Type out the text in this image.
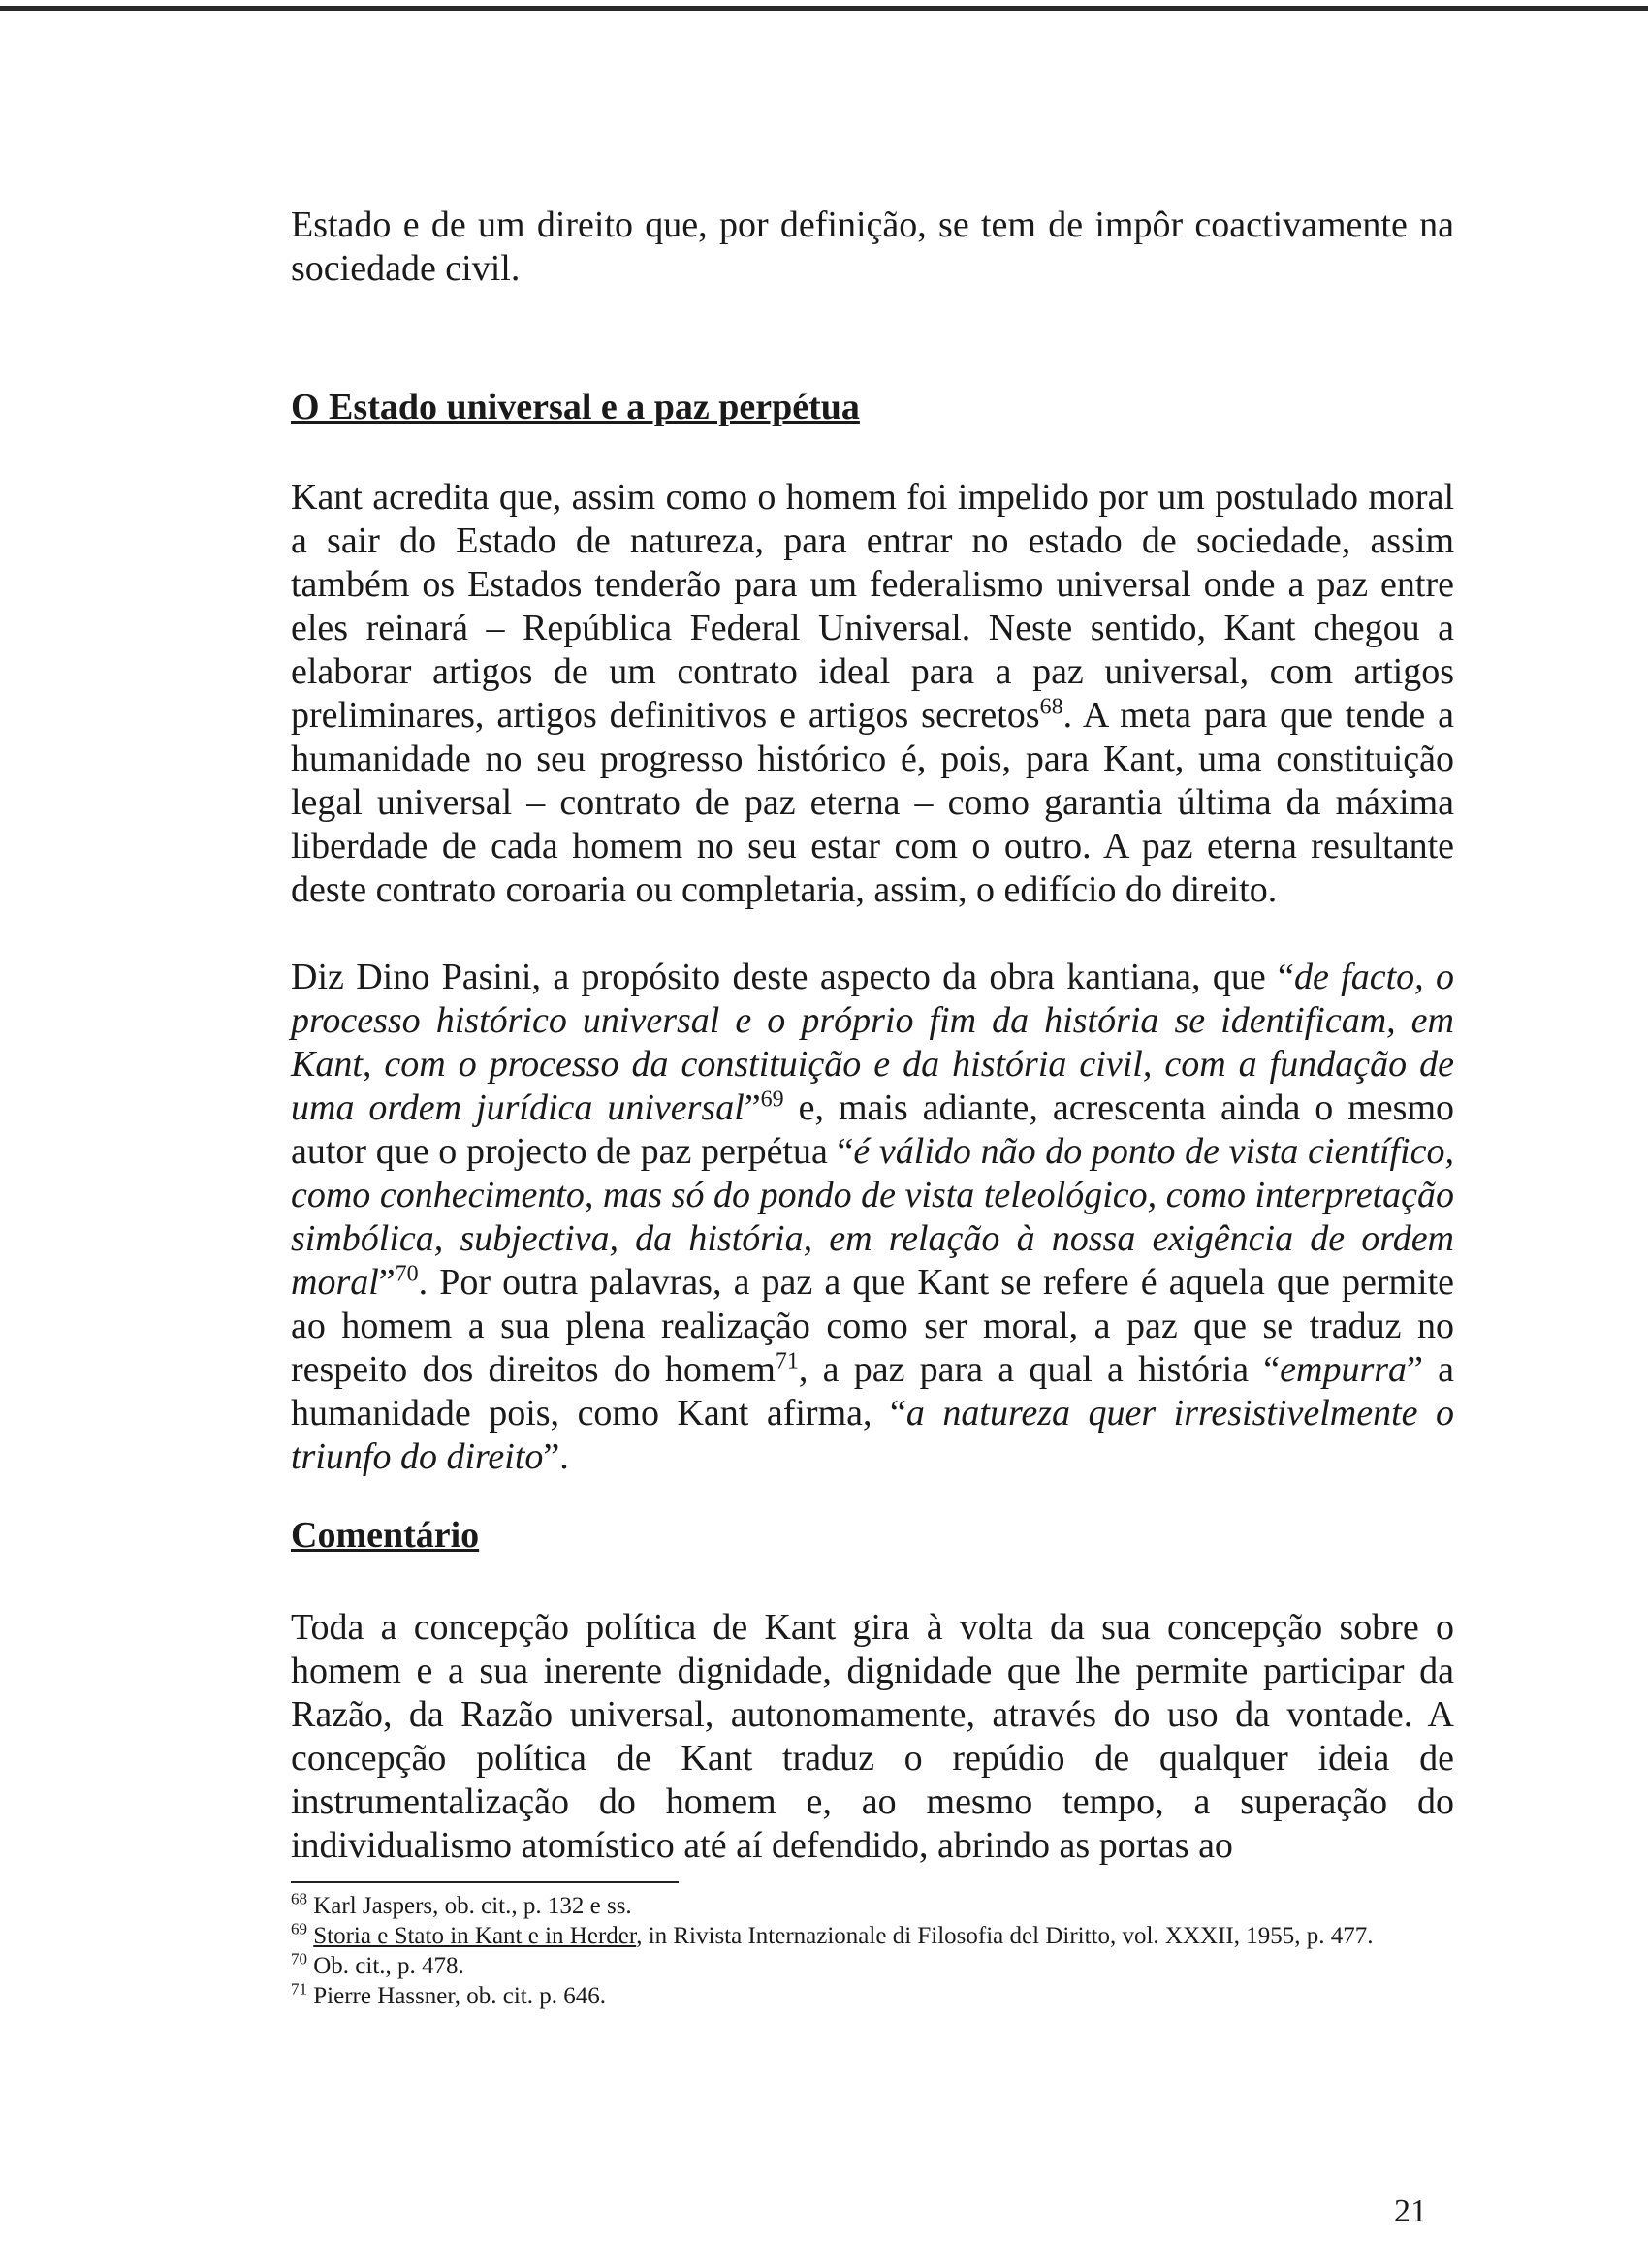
Estado e de um direito que, por definição, se tem de impôr coactivamente na sociedade civil.

O Estado universal e a paz perpétua

Kant acredita que, assim como o homem foi impelido por um postulado moral a sair do Estado de natureza, para entrar no estado de sociedade, assim também os Estados tenderão para um federalismo universal onde a paz entre eles reinará – República Federal Universal. Neste sentido, Kant chegou a elaborar artigos de um contrato ideal para a paz universal, com artigos preliminares, artigos definitivos e artigos secretos$^{68}$. A meta para que tende a humanidade no seu progresso histórico é, pois, para Kant, uma constituição legal universal – contrato de paz eterna – como garantia última da máxima liberdade de cada homem no seu estar com o outro. A paz eterna resultante deste contrato coroaria ou completaria, assim, o edifício do direito.

Diz Dino Pasini, a propósito deste aspecto da obra kantiana, que “de facto, o processo histórico universal e o próprio fim da história se identificam, em Kant, com o processo da constituição e da história civil, com a fundação de uma ordem jurídica universal”$^{69}$ e, mais adiante, acrescenta ainda o mesmo autor que o projecto de paz perpétua “é válido não do ponto de vista científico, como conhecimento, mas só do pondo de vista teleológico, como interpretação simbólica, subjectiva, da história, em relação à nossa exigência de ordem moral”$^{70}$. Por outra palavras, a paz a que Kant se refere é aquela que permite ao homem a sua plena realização como ser moral, a paz que se traduz no respeito dos direitos do homem$^{71}$, a paz para a qual a história “empurra” a humanidade pois, como Kant afirma, “a natureza quer irresistivelmente o triunfo do direito”.

Comentário

Toda a concepção política de Kant gira à volta da sua concepção sobre o homem e a sua inerente dignidade, dignidade que lhe permite participar da Razão, da Razão universal, autonomamente, através do uso da vontade. A concepção política de Kant traduz o repúdio de qualquer ideia de instrumentalização do homem e, ao mesmo tempo, a superação do individualismo atomístico até aí defendido, abrindo as portas ao

$^{68}$ Karl Jaspers, ob. cit., p. 132 e ss.

$^{69}$ Storia e Stato in Kant e in Herder, in Rivista Internazionale di Filosofia del Diritto, vol. XXXII, 1955, p. 477.

$^{70}$ Ob. cit., p. 478.

$^{71}$ Pierre Hassner, ob. cit. p. 646.

21
